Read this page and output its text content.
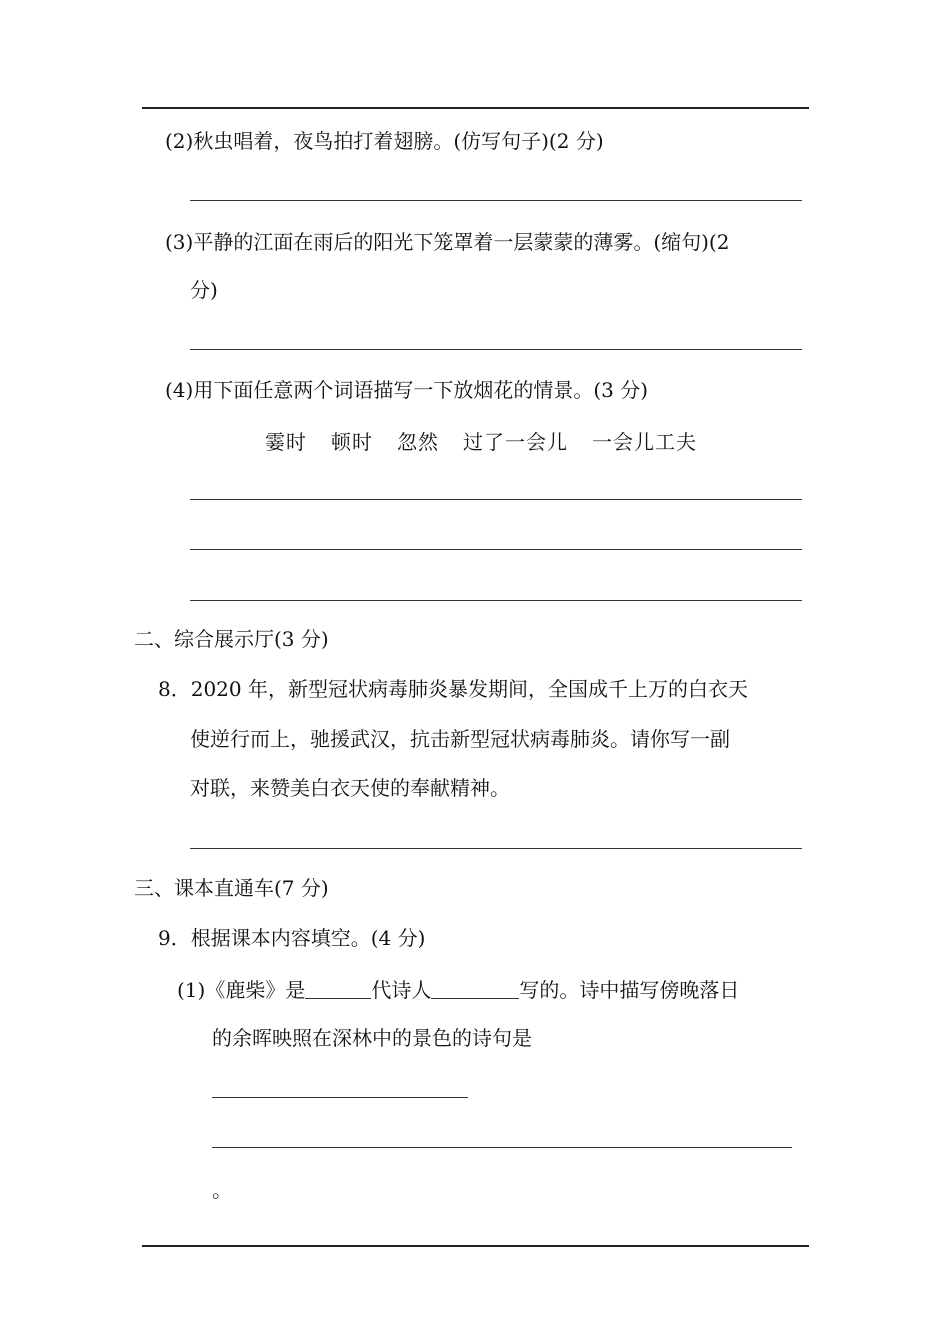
(2)秋虫唱着，夜鸟拍打着翅膀。(仿写句子)(2 分)
(3)平静的江面在雨后的阳光下笼罩着一层蒙蒙的薄雾。(缩句)(2
分)
(4)用下面任意两个词语描写一下放烟花的情景。(3 分)
霎时 顿时 忽然 过了一会儿 一会儿工夫
二、综合展示厅(3 分)
8．2020 年，新型冠状病毒肺炎暴发期间，全国成千上万的白衣天
使逆行而上，驰援武汉，抗击新型冠状病毒肺炎。请你写一副
对联，来赞美白衣天使的奉献精神。
三、课本直通车(7 分)
9．根据课本内容填空。(4 分)
(1)《鹿柴》是	代诗人	写的。诗中描写傍晚落日
的余晖映照在深林中的景色的诗句是
。
